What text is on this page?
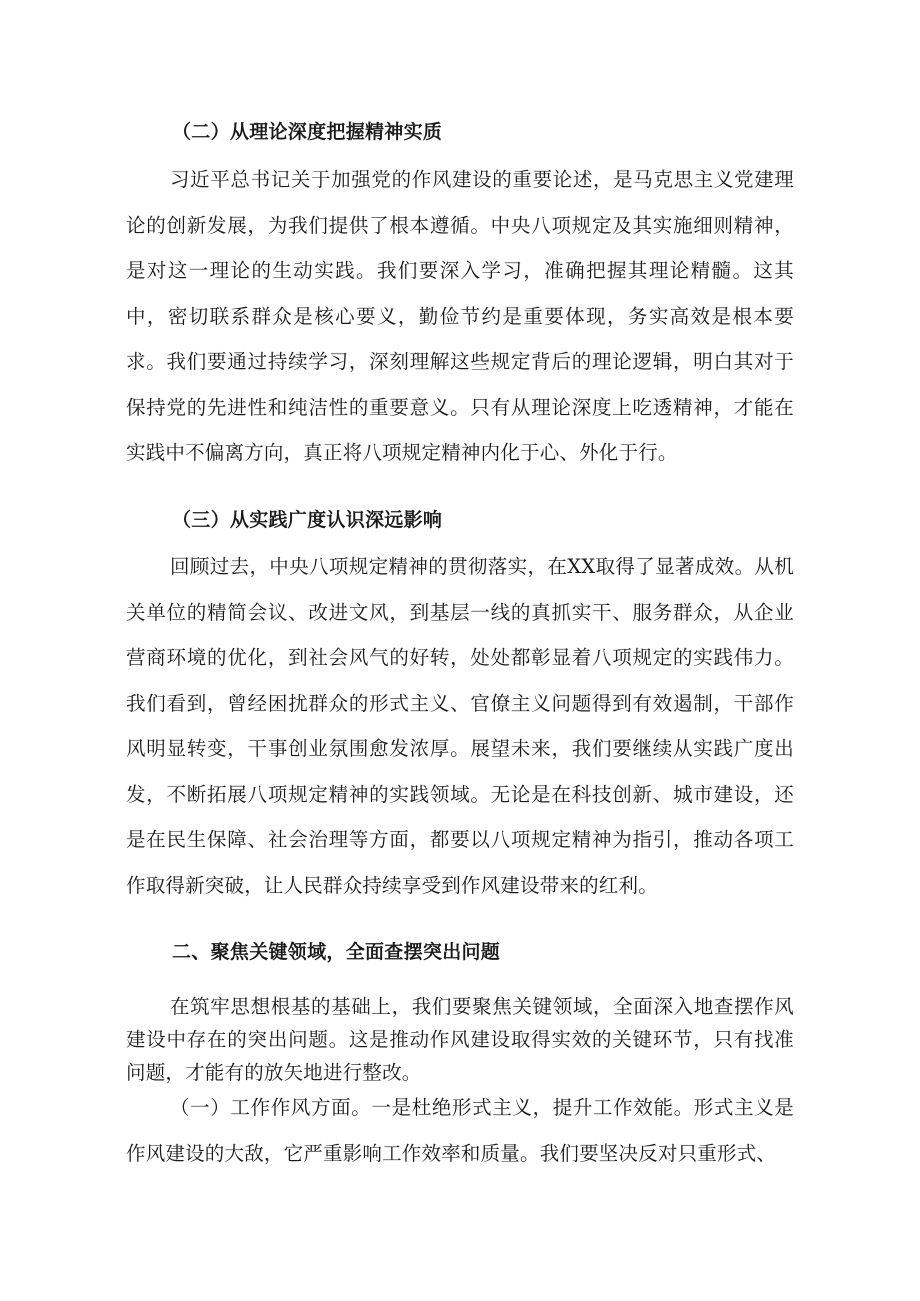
（二）从理论深度把握精神实质

习近平总书记关于加强党的作风建设的重要论述，是马克思主义党建理论的创新发展，为我们提供了根本遵循。中央八项规定及其实施细则精神，是对这一理论的生动实践。我们要深入学习，准确把握其理论精髓。这其中，密切联系群众是核心要义，勤俭节约是重要体现，务实高效是根本要求。我们要通过持续学习，深刻理解这些规定背后的理论逻辑，明白其对于保持党的先进性和纯洁性的重要意义。只有从理论深度上吃透精神，才能在实践中不偏离方向，真正将八项规定精神内化于心、外化于行。

（三）从实践广度认识深远影响

回顾过去，中央八项规定精神的贯彻落实，在XX取得了显著成效。从机关单位的精简会议、改进文风，到基层一线的真抓实干、服务群众，从企业营商环境的优化，到社会风气的好转，处处都彰显着八项规定的实践伟力。我们看到，曾经困扰群众的形式主义、官僚主义问题得到有效遏制，干部作风明显转变，干事创业氛围愈发浓厚。展望未来，我们要继续从实践广度出发，不断拓展八项规定精神的实践领域。无论是在科技创新、城市建设，还是在民生保障、社会治理等方面，都要以八项规定精神为指引，推动各项工作取得新突破，让人民群众持续享受到作风建设带来的红利。

二、聚焦关键领域，全面查摆突出问题

在筑牢思想根基的基础上，我们要聚焦关键领域，全面深入地查摆作风建设中存在的突出问题。这是推动作风建设取得实效的关键环节，只有找准问题，才能有的放矢地进行整改。

（一）工作作风方面。一是杜绝形式主义，提升工作效能。形式主义是作风建设的大敌，它严重影响工作效率和质量。我们要坚决反对只重形式、
